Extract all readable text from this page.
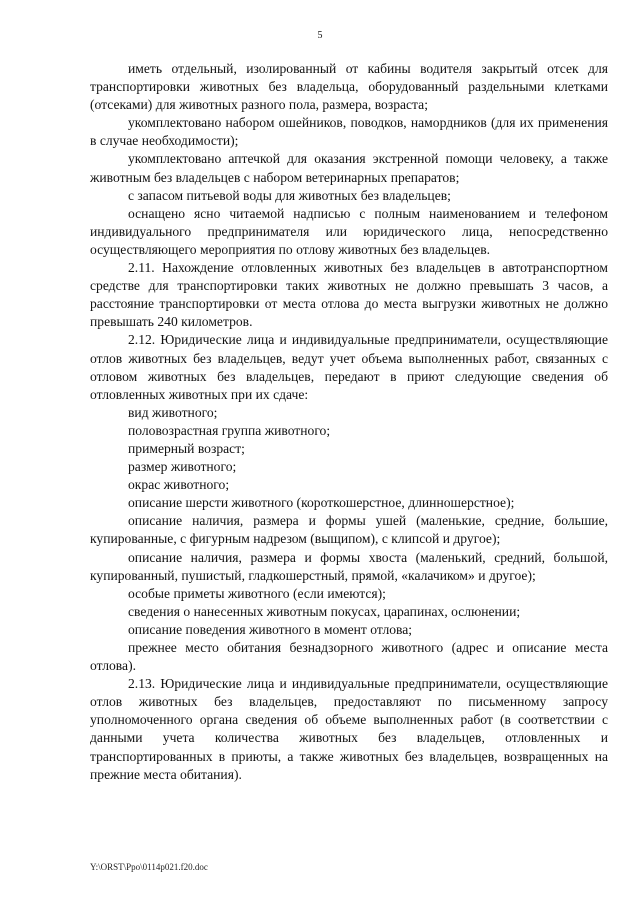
5

иметь отдельный, изолированный от кабины водителя закрытый отсек для транспортировки животных без владельца, оборудованный раздельными клетками (отсеками) для животных разного пола, размера, возраста;

укомплектовано набором ошейников, поводков, намордников (для их применения в случае необходимости);

укомплектовано аптечкой для оказания экстренной помощи человеку, а также животным без владельцев с набором ветеринарных препаратов;

с запасом питьевой воды для животных без владельцев;

оснащено ясно читаемой надписью с полным наименованием и телефоном индивидуального предпринимателя или юридического лица, непосредственно осуществляющего мероприятия по отлову животных без владельцев.

2.11. Нахождение отловленных животных без владельцев в автотранспортном средстве для транспортировки таких животных не должно превышать 3 часов, а расстояние транспортировки от места отлова до места выгрузки животных не должно превышать 240 километров.

2.12. Юридические лица и индивидуальные предприниматели, осуществляющие отлов животных без владельцев, ведут учет объема выполненных работ, связанных с отловом животных без владельцев, передают в приют следующие сведения об отловленных животных при их сдаче:

вид животного;

половозрастная группа животного;

примерный возраст;

размер животного;

окрас животного;

описание шерсти животного (короткошерстное, длинношерстное);

описание наличия, размера и формы ушей (маленькие, средние, большие, купированные, с фигурным надрезом (выщипом), с клипсой и другое);

описание наличия, размера и формы хвоста (маленький, средний, большой, купированный, пушистый, гладкошерстный, прямой, «калачиком» и другое);

особые приметы животного (если имеются);

сведения о нанесенных животным покусах, царапинах, ослюнении;

описание поведения животного в момент отлова;

прежнее место обитания безнадзорного животного (адрес и описание места отлова).

2.13. Юридические лица и индивидуальные предприниматели, осуществляющие отлов животных без владельцев, предоставляют по письменному запросу уполномоченного органа сведения об объеме выполненных работ (в соответствии с данными учета количества животных без владельцев, отловленных и транспортированных в приюты, а также животных без владельцев, возвращенных на прежние места обитания).

Y:\ORST\Ppo\0114p021.f20.doc
